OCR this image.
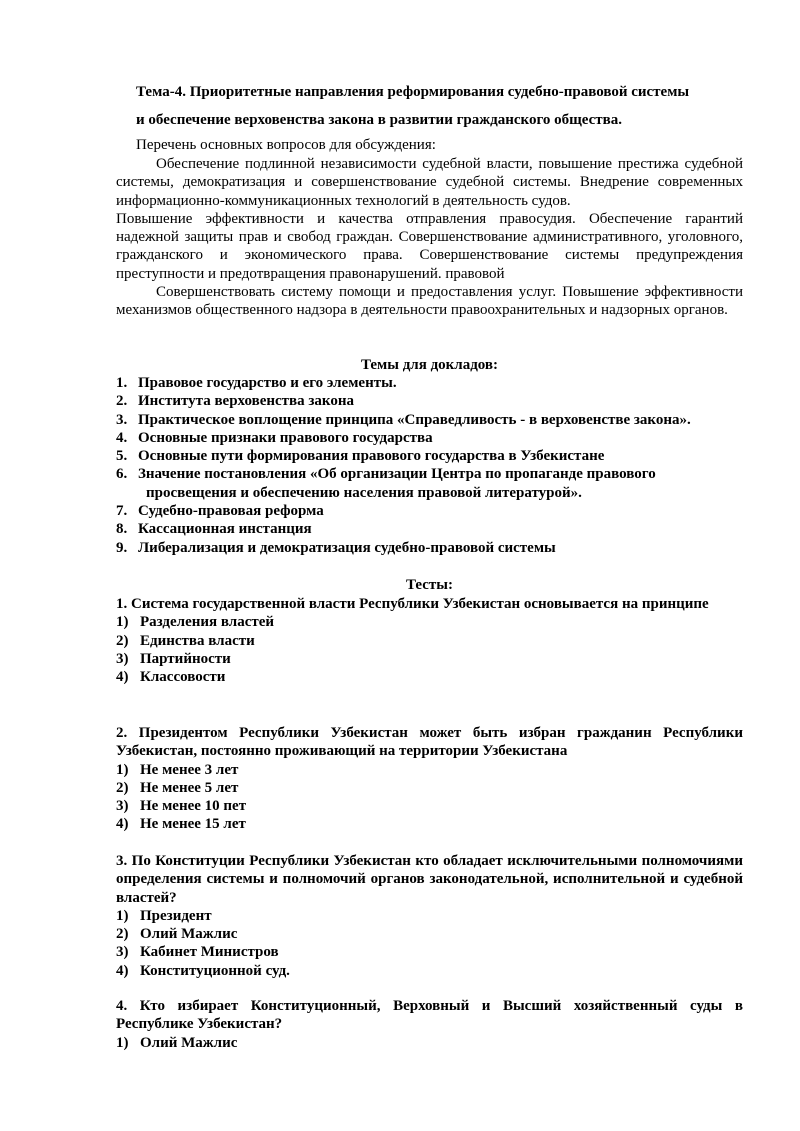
Тема-4. Приоритетные направления реформирования судебно-правовой системы
и обеспечение верховенства закона в развитии гражданского общества.
Перечень основных вопросов для обсуждения:

Обеспечение подлинной независимости судебной власти, повышение престижа судебной системы, демократизация и совершенствование судебной системы. Внедрение современных информационно-коммуникационных технологий в деятельность судов.

Повышение эффективности и качества отправления правосудия. Обеспечение гарантий надежной защиты прав и свобод граждан. Совершенствование административного, уголовного, гражданского и экономического права. Совершенствование системы предупреждения преступности и предотвращения правонарушений. правовой

Совершенствовать систему помощи и предоставления услуг. Повышение эффективности механизмов общественного надзора в деятельности правоохранительных и надзорных органов.

Темы для докладов:
1. Правовое государство и его элементы.
2. Института верховенства закона
3. Практическое воплощение принципа «Справедливость - в верховенстве закона».
4. Основные признаки правового государства
5. Основные пути формирования правового государства в Узбекистане
6. Значение постановления «Об организации Центра по пропаганде правового просвещения и обеспечению населения правовой литературой».
7. Судебно-правовая реформа
8. Кассационная инстанция
9. Либерализация и демократизация судебно-правовой системы
Тесты:

1. Система государственной власти Республики Узбекистан основывается на принципе

1) Разделения властей
2) Единства власти
3) Партийности
4) Классовости

2. Президентом Республики Узбекистан может быть избран гражданин Республики Узбекистан, постоянно проживающий на территории Узбекистана

1) Не менее 3 лет
2) Не менее 5 лет
3) Не менее 10 пет
4) Не менее 15 лет

3. По Конституции Республики Узбекистан кто обладает исключительными полномочиями определения системы и полномочий органов законодательной, исполнительной и судебной властей?

1) Президент
2) Олий Мажлис
3) Кабинет Министров
4) Конституционной суд.

4. Кто избирает Конституционный, Верховный и Высший хозяйственный суды в Республике Узбекистан?

1) Олий Мажлис
